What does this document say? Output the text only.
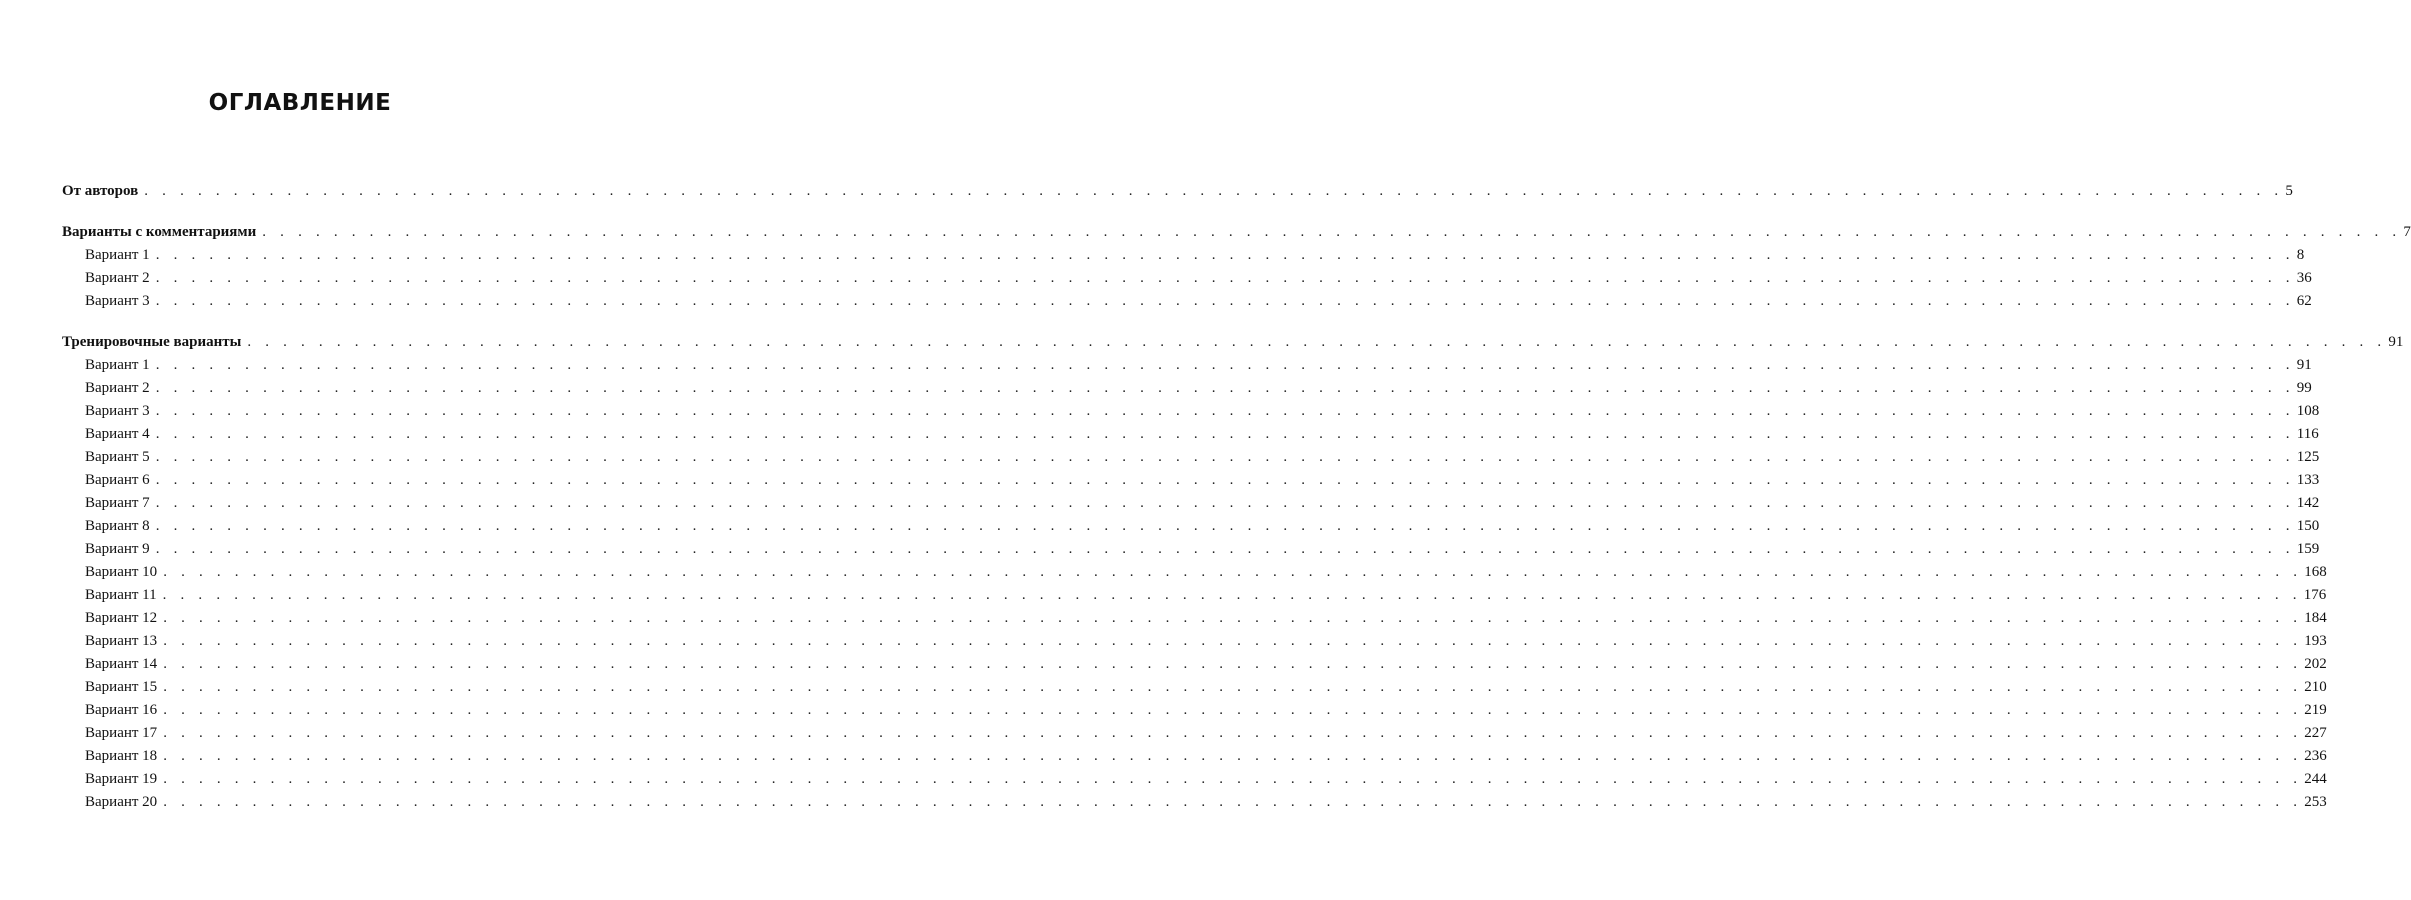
ОГЛАВЛЕНИЕ
От авторов . . . . . . . . . . . . . . . . . . . . . . . . . . . . . . . . . . . . . . . . . . . . . . . . . . . . . . . . . . . . . . . . . . . . . . . . . . . . . . . . . . . . . . . . . . . . . . . . . . . . . . . . . . . . . . . . . . . . . . . . 5
Варианты с комментариями . . . . . . . . . . . . . . . . . . . . . . . . . . . . . . . . . . . . . . . . . . . . . . . . . . . . . . . . . . . . . . . . . . . . . . . . . . . . . . . . . . . . . . . . . . . . . . . . . . . . . . . . . . . . . . . . . . . . . . . . 7
Вариант 1 . . . . . . . . . . . . . . . . . . . . . . . . . . . . . . . . . . . . . . . . . . . . . . . . . . . . . . . . . . . . . . . . . . . . . . . . . . . . . . . . . . . . . . . . . . . . . . . . . . . . . . . . . . . . . . . . . . . . . . . . 8
Вариант 2 . . . . . . . . . . . . . . . . . . . . . . . . . . . . . . . . . . . . . . . . . . . . . . . . . . . . . . . . . . . . . . . . . . . . . . . . . . . . . . . . . . . . . . . . . . . . . . . . . . . . . . . . . . . . . . . . . . . . . . . . 36
Вариант 3 . . . . . . . . . . . . . . . . . . . . . . . . . . . . . . . . . . . . . . . . . . . . . . . . . . . . . . . . . . . . . . . . . . . . . . . . . . . . . . . . . . . . . . . . . . . . . . . . . . . . . . . . . . . . . . . . . . . . . . . . 62
Тренировочные варианты . . . . . . . . . . . . . . . . . . . . . . . . . . . . . . . . . . . . . . . . . . . . . . . . . . . . . . . . . . . . . . . . . . . . . . . . . . . . . . . . . . . . . . . . . . . . . . . . . . . . . . . . . . . . . . . . . . . . . . . . 91
Вариант 1 . . . . . . . . . . . . . . . . . . . . . . . . . . . . . . . . . . . . . . . . . . . . . . . . . . . . . . . . . . . . . . . . . . . . . . . . . . . . . . . . . . . . . . . . . . . . . . . . . . . . . . . . . . . . . . . . . . . . . . . . 91
Вариант 2 . . . . . . . . . . . . . . . . . . . . . . . . . . . . . . . . . . . . . . . . . . . . . . . . . . . . . . . . . . . . . . . . . . . . . . . . . . . . . . . . . . . . . . . . . . . . . . . . . . . . . . . . . . . . . . . . . . . . . . . . 99
Вариант 3 . . . . . . . . . . . . . . . . . . . . . . . . . . . . . . . . . . . . . . . . . . . . . . . . . . . . . . . . . . . . . . . . . . . . . . . . . . . . . . . . . . . . . . . . . . . . . . . . . . . . . . . . . . . . . . . . . . . . . . . . 108
Вариант 4 . . . . . . . . . . . . . . . . . . . . . . . . . . . . . . . . . . . . . . . . . . . . . . . . . . . . . . . . . . . . . . . . . . . . . . . . . . . . . . . . . . . . . . . . . . . . . . . . . . . . . . . . . . . . . . . . . . . . . . . . 116
Вариант 5 . . . . . . . . . . . . . . . . . . . . . . . . . . . . . . . . . . . . . . . . . . . . . . . . . . . . . . . . . . . . . . . . . . . . . . . . . . . . . . . . . . . . . . . . . . . . . . . . . . . . . . . . . . . . . . . . . . . . . . . . 125
Вариант 6 . . . . . . . . . . . . . . . . . . . . . . . . . . . . . . . . . . . . . . . . . . . . . . . . . . . . . . . . . . . . . . . . . . . . . . . . . . . . . . . . . . . . . . . . . . . . . . . . . . . . . . . . . . . . . . . . . . . . . . . . 133
Вариант 7 . . . . . . . . . . . . . . . . . . . . . . . . . . . . . . . . . . . . . . . . . . . . . . . . . . . . . . . . . . . . . . . . . . . . . . . . . . . . . . . . . . . . . . . . . . . . . . . . . . . . . . . . . . . . . . . . . . . . . . . . 142
Вариант 8 . . . . . . . . . . . . . . . . . . . . . . . . . . . . . . . . . . . . . . . . . . . . . . . . . . . . . . . . . . . . . . . . . . . . . . . . . . . . . . . . . . . . . . . . . . . . . . . . . . . . . . . . . . . . . . . . . . . . . . . . 150
Вариант 9 . . . . . . . . . . . . . . . . . . . . . . . . . . . . . . . . . . . . . . . . . . . . . . . . . . . . . . . . . . . . . . . . . . . . . . . . . . . . . . . . . . . . . . . . . . . . . . . . . . . . . . . . . . . . . . . . . . . . . . . . 159
Вариант 10 . . . . . . . . . . . . . . . . . . . . . . . . . . . . . . . . . . . . . . . . . . . . . . . . . . . . . . . . . . . . . . . . . . . . . . . . . . . . . . . . . . . . . . . . . . . . . . . . . . . . . . . . . . . . . . . . . . . . . . . . 168
Вариант 11 . . . . . . . . . . . . . . . . . . . . . . . . . . . . . . . . . . . . . . . . . . . . . . . . . . . . . . . . . . . . . . . . . . . . . . . . . . . . . . . . . . . . . . . . . . . . . . . . . . . . . . . . . . . . . . . . . . . . . . . . 176
Вариант 12 . . . . . . . . . . . . . . . . . . . . . . . . . . . . . . . . . . . . . . . . . . . . . . . . . . . . . . . . . . . . . . . . . . . . . . . . . . . . . . . . . . . . . . . . . . . . . . . . . . . . . . . . . . . . . . . . . . . . . . . . 184
Вариант 13 . . . . . . . . . . . . . . . . . . . . . . . . . . . . . . . . . . . . . . . . . . . . . . . . . . . . . . . . . . . . . . . . . . . . . . . . . . . . . . . . . . . . . . . . . . . . . . . . . . . . . . . . . . . . . . . . . . . . . . . . 193
Вариант 14 . . . . . . . . . . . . . . . . . . . . . . . . . . . . . . . . . . . . . . . . . . . . . . . . . . . . . . . . . . . . . . . . . . . . . . . . . . . . . . . . . . . . . . . . . . . . . . . . . . . . . . . . . . . . . . . . . . . . . . . . 202
Вариант 15 . . . . . . . . . . . . . . . . . . . . . . . . . . . . . . . . . . . . . . . . . . . . . . . . . . . . . . . . . . . . . . . . . . . . . . . . . . . . . . . . . . . . . . . . . . . . . . . . . . . . . . . . . . . . . . . . . . . . . . . . 210
Вариант 16 . . . . . . . . . . . . . . . . . . . . . . . . . . . . . . . . . . . . . . . . . . . . . . . . . . . . . . . . . . . . . . . . . . . . . . . . . . . . . . . . . . . . . . . . . . . . . . . . . . . . . . . . . . . . . . . . . . . . . . . . 219
Вариант 17 . . . . . . . . . . . . . . . . . . . . . . . . . . . . . . . . . . . . . . . . . . . . . . . . . . . . . . . . . . . . . . . . . . . . . . . . . . . . . . . . . . . . . . . . . . . . . . . . . . . . . . . . . . . . . . . . . . . . . . . . 227
Вариант 18 . . . . . . . . . . . . . . . . . . . . . . . . . . . . . . . . . . . . . . . . . . . . . . . . . . . . . . . . . . . . . . . . . . . . . . . . . . . . . . . . . . . . . . . . . . . . . . . . . . . . . . . . . . . . . . . . . . . . . . . . 236
Вариант 19 . . . . . . . . . . . . . . . . . . . . . . . . . . . . . . . . . . . . . . . . . . . . . . . . . . . . . . . . . . . . . . . . . . . . . . . . . . . . . . . . . . . . . . . . . . . . . . . . . . . . . . . . . . . . . . . . . . . . . . . . 244
Вариант 20 . . . . . . . . . . . . . . . . . . . . . . . . . . . . . . . . . . . . . . . . . . . . . . . . . . . . . . . . . . . . . . . . . . . . . . . . . . . . . . . . . . . . . . . . . . . . . . . . . . . . . . . . . . . . . . . . . . . . . . . . 253
